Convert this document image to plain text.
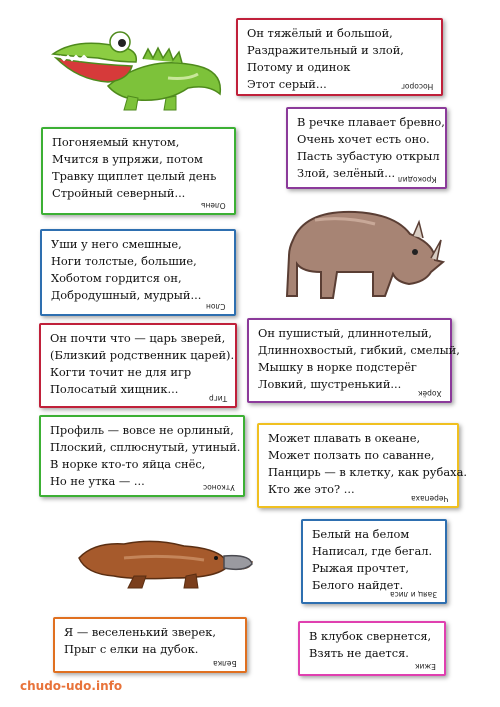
Он тяжёлый и большой,
Раздражительный и злой,
Потому и одинок
Этот серый...	Носорог
В речке плавает бревно,
Очень хочет есть оно.
Пасть зубастую открыл
Злой, зелёный... Крокодил
Погоняемый кнутом,
Мчится в упряжи, потом
Травку щиплет целый день
Стройный северный...
Олень
Уши у него смешные,
Ноги толстые, большие,
Хоботом гордится он,
Добродушный, мудрый...
Слон
Он почти что — царь зверей,
(Близкий родственник царей).
Когти точит не для игр
Полосатый хищник...
Тигр
Он пушистый, длиннотелый,
Длиннохвостый, гибкий, смелый,
Мышку в норке подстерёг
Ловкий, шустренький...
Хорёк
Профиль — вовсе не орлиный,
Плоский, сплюснутый, утиный.
В норке кто-то яйца снёс,
Но не утка — ...	Утконос
Может плавать в океане,
Может ползать по саванне,
Панцирь — в клетку, как рубаха.
Кто же это? ...
Черепаха
Белый на белом
Написал, где бегал.
Рыжая прочтет,
Белого найдет.
Заяц и лиса
Я — веселенький зверек,
Прыг с елки на дубок.
Белка
В клубок свернется,
Взять не дается.
Ежик
chudo-udo.info
